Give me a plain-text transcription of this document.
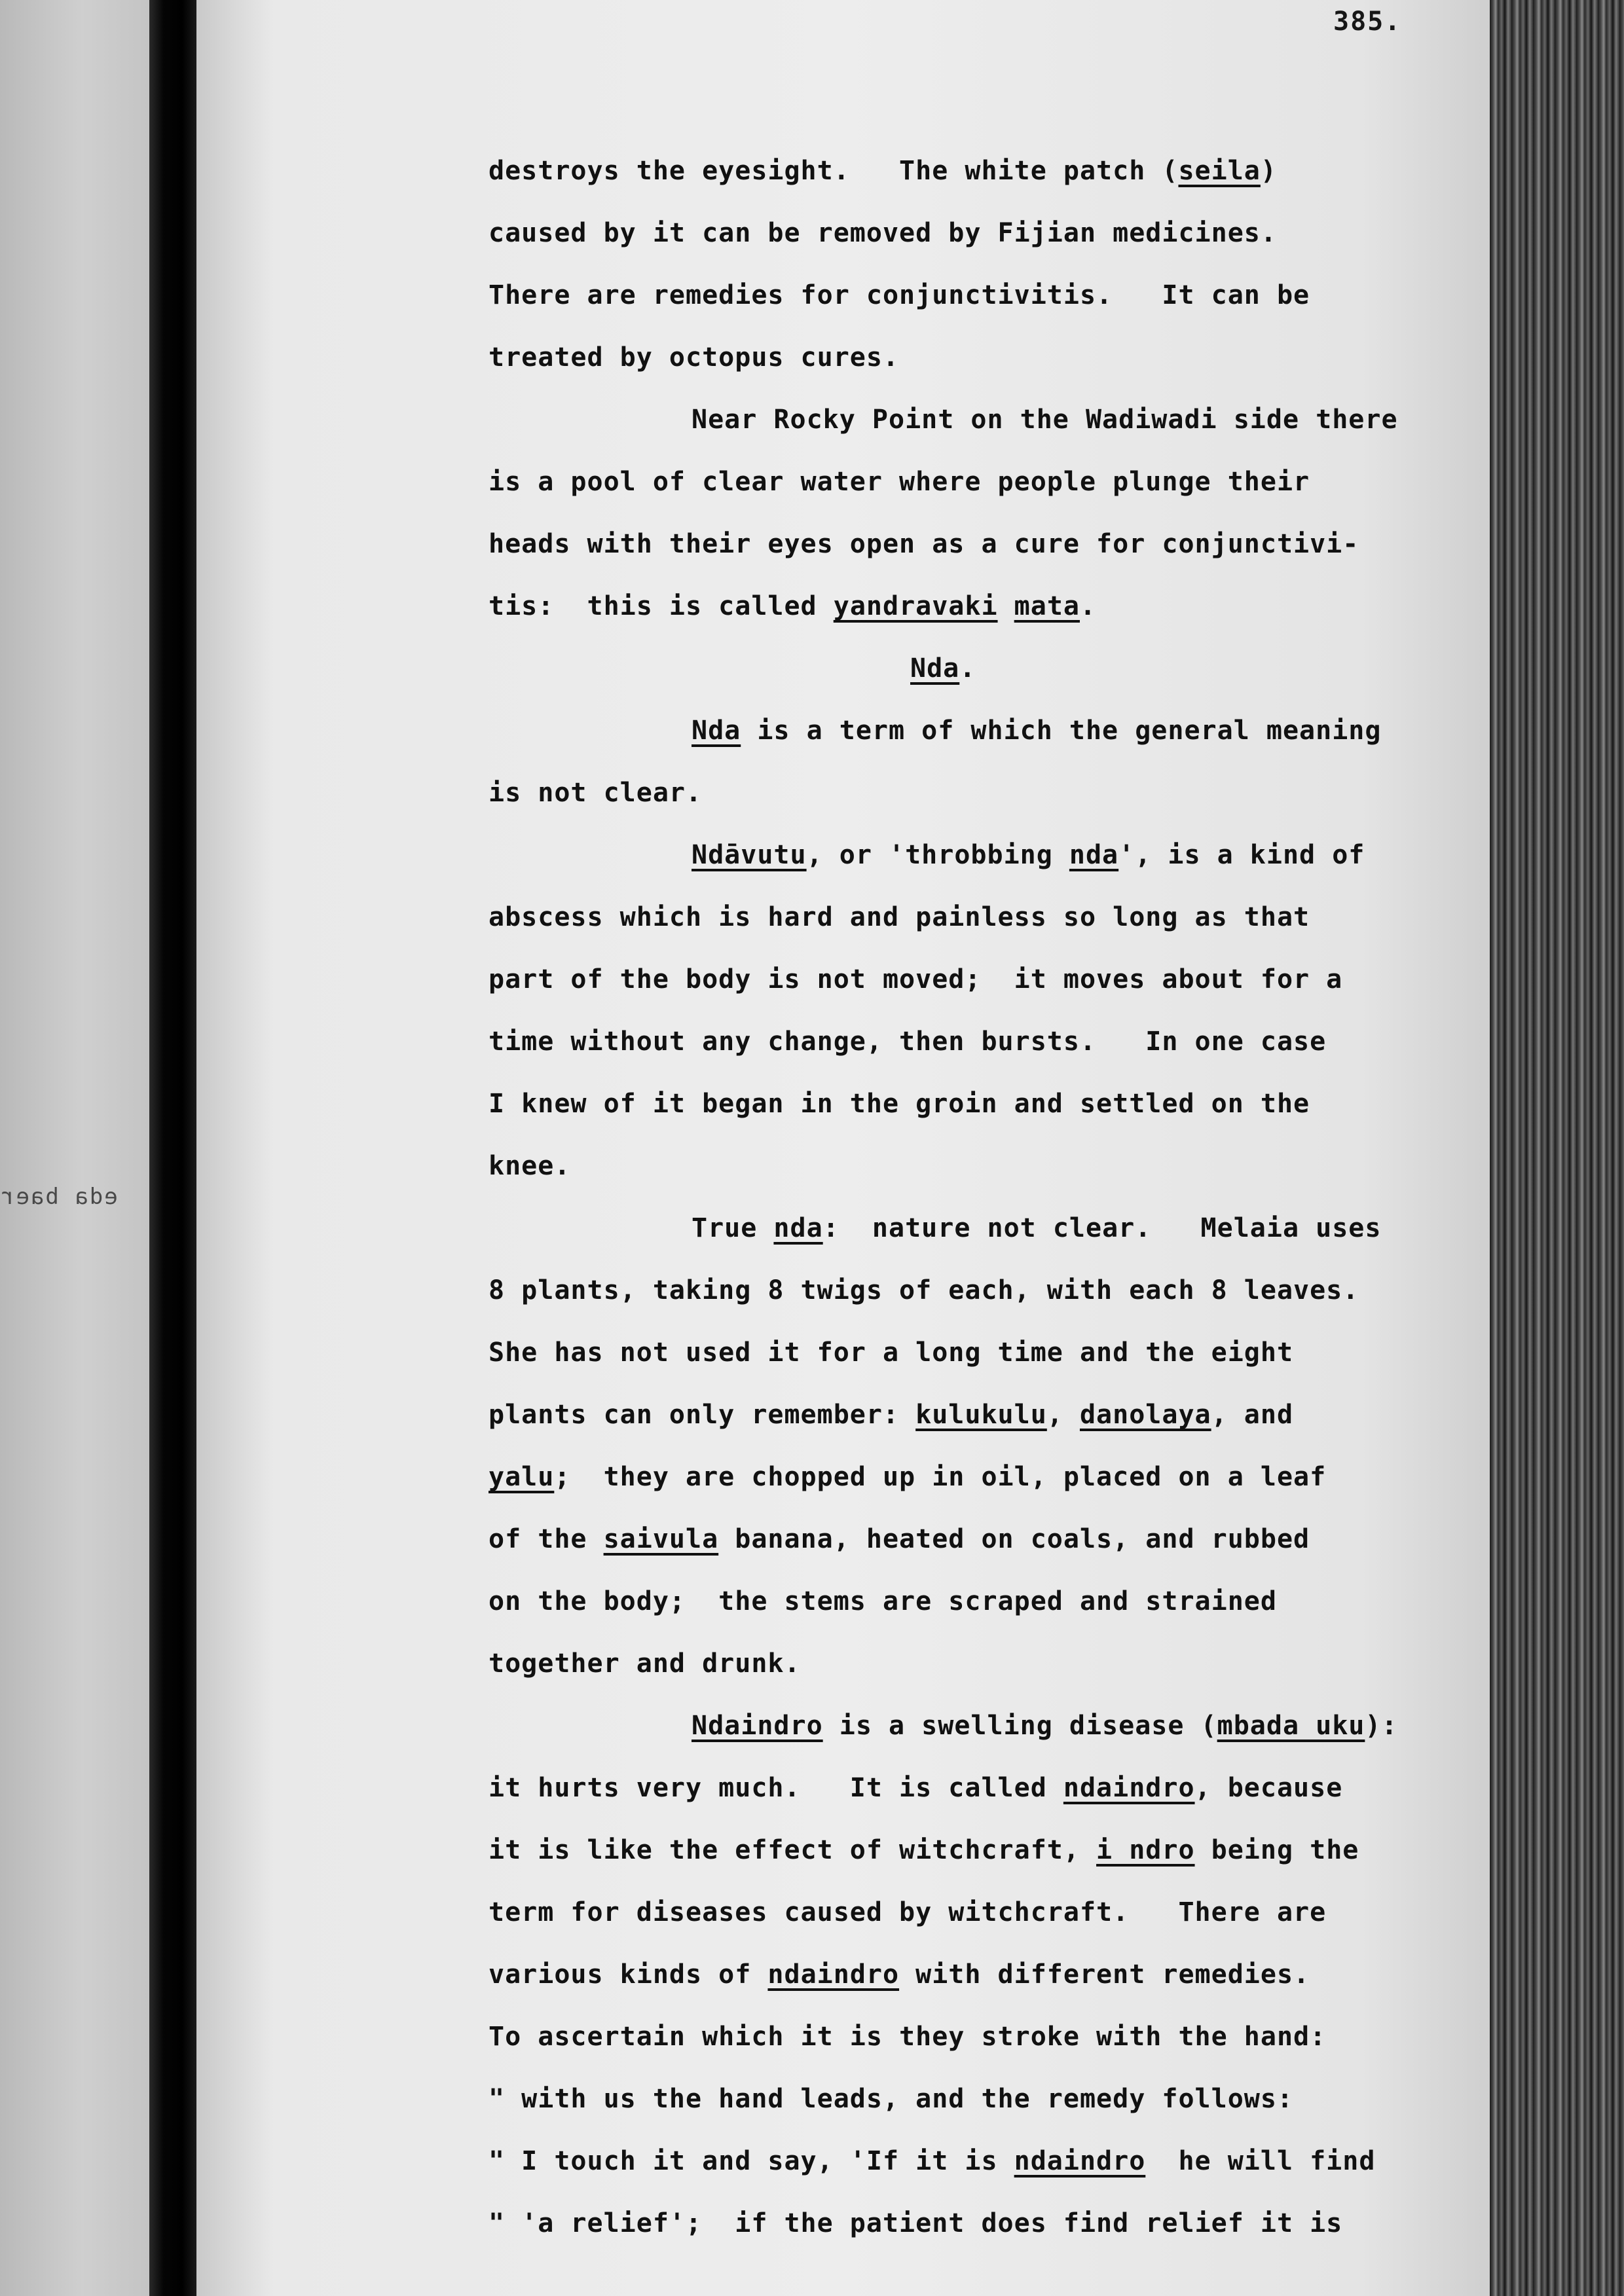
eda baer
385.
destroys the eyesight.   The white patch (seila)
caused by it can be removed by Fijian medicines.
There are remedies for conjunctivitis.   It can be
treated by octopus cures.
Near Rocky Point on the Wadiwadi side there
is a pool of clear water where people plunge their
heads with their eyes open as a cure for conjunctivi-
tis:  this is called yandravaki mata.
Nda.
Nda is a term of which the general meaning
is not clear.
Ndāvutu, or 'throbbing nda', is a kind of
abscess which is hard and painless so long as that
part of the body is not moved;  it moves about for a
time without any change, then bursts.   In one case
I knew of it began in the groin and settled on the
knee.
True nda:  nature not clear.   Melaia uses
8 plants, taking 8 twigs of each, with each 8 leaves.
She has not used it for a long time and the eight
plants can only remember: kulukulu, danolaya, and
yalu;  they are chopped up in oil, placed on a leaf
of the saivula banana, heated on coals, and rubbed
on the body;  the stems are scraped and strained
together and drunk.
Ndaindro is a swelling disease (mbada uku):
it hurts very much.   It is called ndaindro, because
it is like the effect of witchcraft, i ndro being the
term for diseases caused by witchcraft.   There are
various kinds of ndaindro with different remedies.
To ascertain which it is they stroke with the hand:
" with us the hand leads, and the remedy follows:
" I touch it and say, 'If it is ndaindro  he will find
" 'a relief';  if the patient does find relief it is
